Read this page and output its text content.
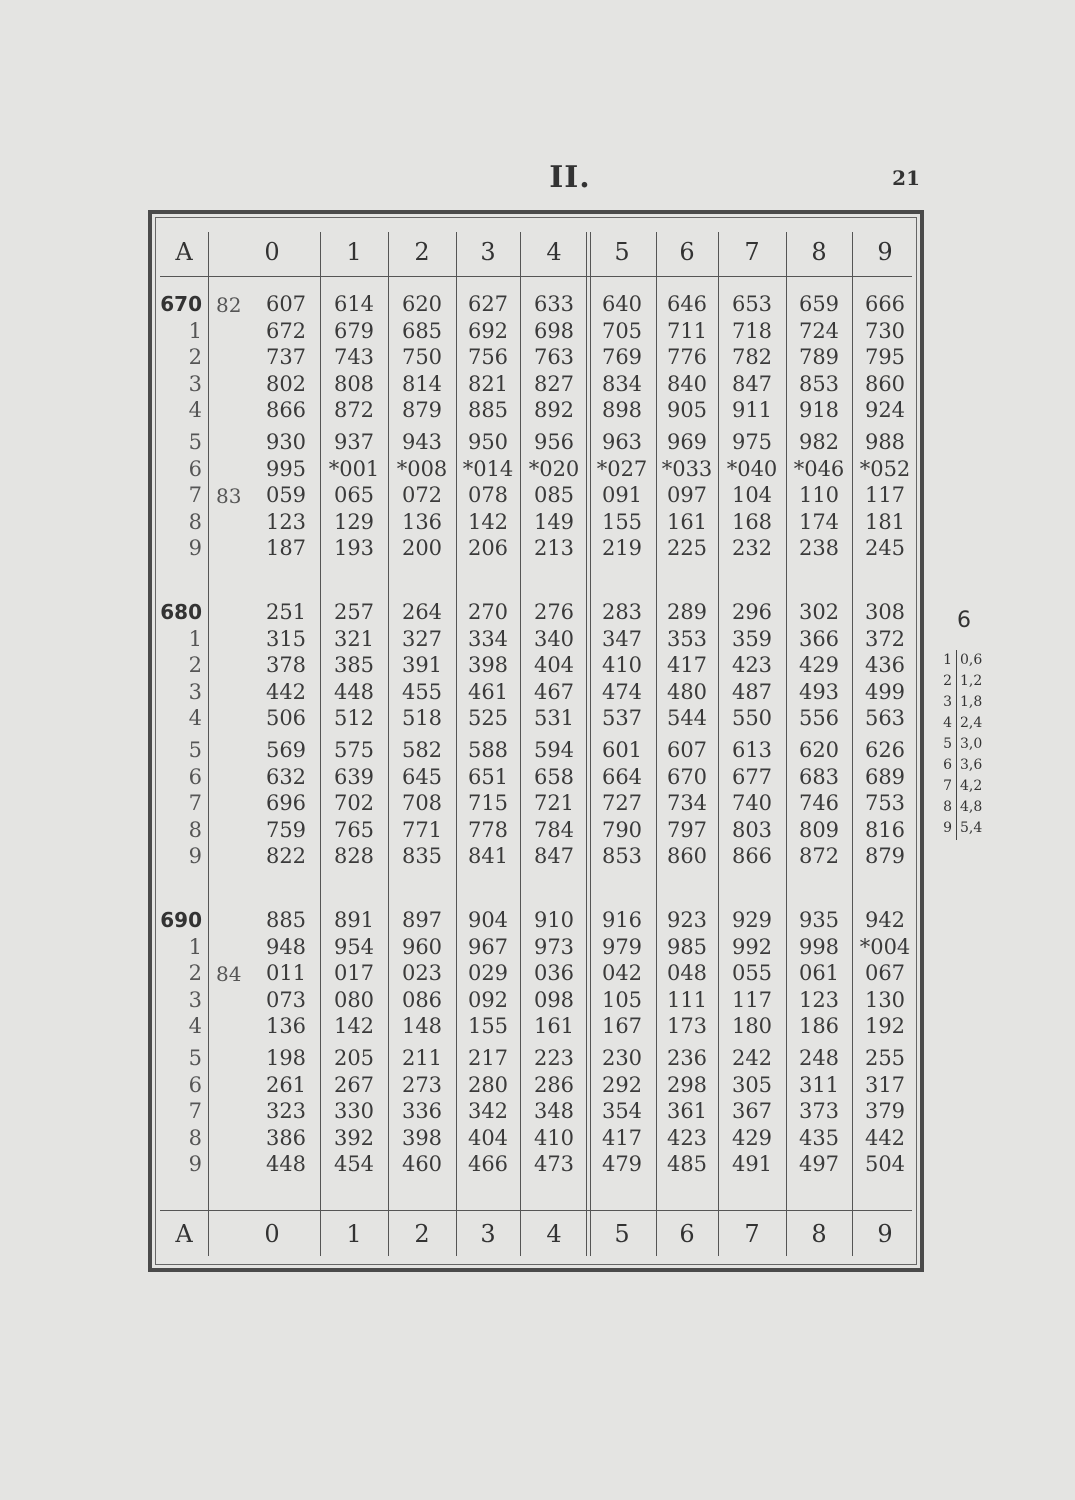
II.	21
A	0	1	2	3	4	5	6	7	8	9
A	0	1	2	3	4	5	6	7	8	9
670 82	607	614	620	627	633	640	646	653	659	666
1	672	679	685	692	698	705	711	718	724	730
2	737	743	750	756	763	769	776	782	789	795
3	802	808	814	821	827	834	840	847	853	860
4	866	872	879	885	892	898	905	911	918	924
5	930	937	943	950	956	963	969	975	982	988
6	995	*001 *008 *014 *020 *027 *033 *040 *046 *052
7 83	059	065	072	078	085	091	097	104	110	117
8	123	129	136	142	149	155	161	168	174	181
9	187	193	200	206	213	219	225	232	238	245
680	251	257	264	270	276	283	289	296	302	308
1	315	321	327	334	340	347	353	359	366	372
2	378	385	391	398	404	410	417	423	429	436
3	442	448	455	461	467	474	480	487	493	499
4	506	512	518	525	531	537	544	550	556	563
5	569	575	582	588	594	601	607	613	620	626
6	632	639	645	651	658	664	670	677	683	689
7	696	702	708	715	721	727	734	740	746	753
8	759	765	771	778	784	790	797	803	809	816
9	822	828	835	841	847	853	860	866	872	879
690	885	891	897	904	910	916	923	929	935	942
1	948	954	960	967	973	979	985	992	998 *004
2 84	011	017	023	029	036	042	048	055	061	067
3	073	080	086	092	098	105	111	117	123	130
4	136	142	148	155	161	167	173	180	186	192
5	198	205	211	217	223	230	236	242	248	255
6	261	267	273	280	286	292	298	305	311	317
7	323	330	336	342	348	354	361	367	373	379
8	386	392	398	404	410	417	423	429	435	442
9	448	454	460	466	473	479	485	491	497	504
6
1 0,6
2 1,2
3 1,8
4 2,4
5 3,0
6 3,6
7 4,2
8 4,8
9 5,4
